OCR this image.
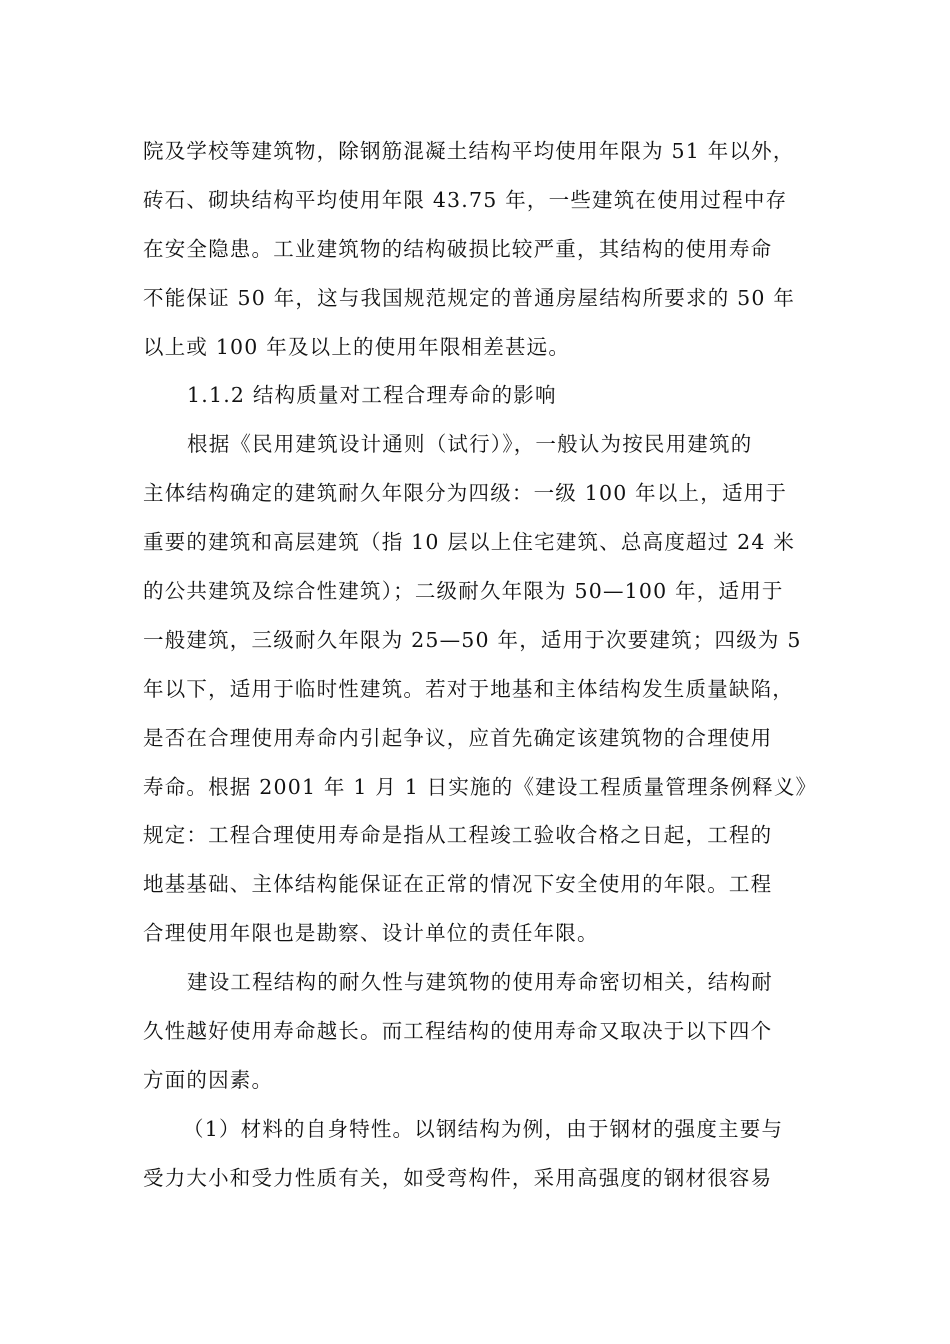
院及学校等建筑物，除钢筋混凝土结构平均使用年限为 51 年以外，
砖石、砌块结构平均使用年限 43.75 年，一些建筑在使用过程中存
在安全隐患。工业建筑物的结构破损比较严重，其结构的使用寿命
不能保证 50 年，这与我国规范规定的普通房屋结构所要求的 50 年
以上或 100 年及以上的使用年限相差甚远。
1.1.2 结构质量对工程合理寿命的影响
根据《民用建筑设计通则（试行）》，一般认为按民用建筑的
主体结构确定的建筑耐久年限分为四级：一级 100 年以上，适用于
重要的建筑和高层建筑（指 10 层以上住宅建筑、总高度超过 24 米
的公共建筑及综合性建筑）；二级耐久年限为 50—100 年，适用于
一般建筑，三级耐久年限为 25—50 年，适用于次要建筑；四级为 5
年以下，适用于临时性建筑。若对于地基和主体结构发生质量缺陷，
是否在合理使用寿命内引起争议，应首先确定该建筑物的合理使用
寿命。根据 2001 年 1 月 1 日实施的《建设工程质量管理条例释义》
规定：工程合理使用寿命是指从工程竣工验收合格之日起，工程的
地基基础、主体结构能保证在正常的情况下安全使用的年限。工程
合理使用年限也是勘察、设计单位的责任年限。
建设工程结构的耐久性与建筑物的使用寿命密切相关，结构耐
久性越好使用寿命越长。而工程结构的使用寿命又取决于以下四个
方面的因素。
（1）材料的自身特性。以钢结构为例，由于钢材的强度主要与
受力大小和受力性质有关，如受弯构件，采用高强度的钢材很容易
